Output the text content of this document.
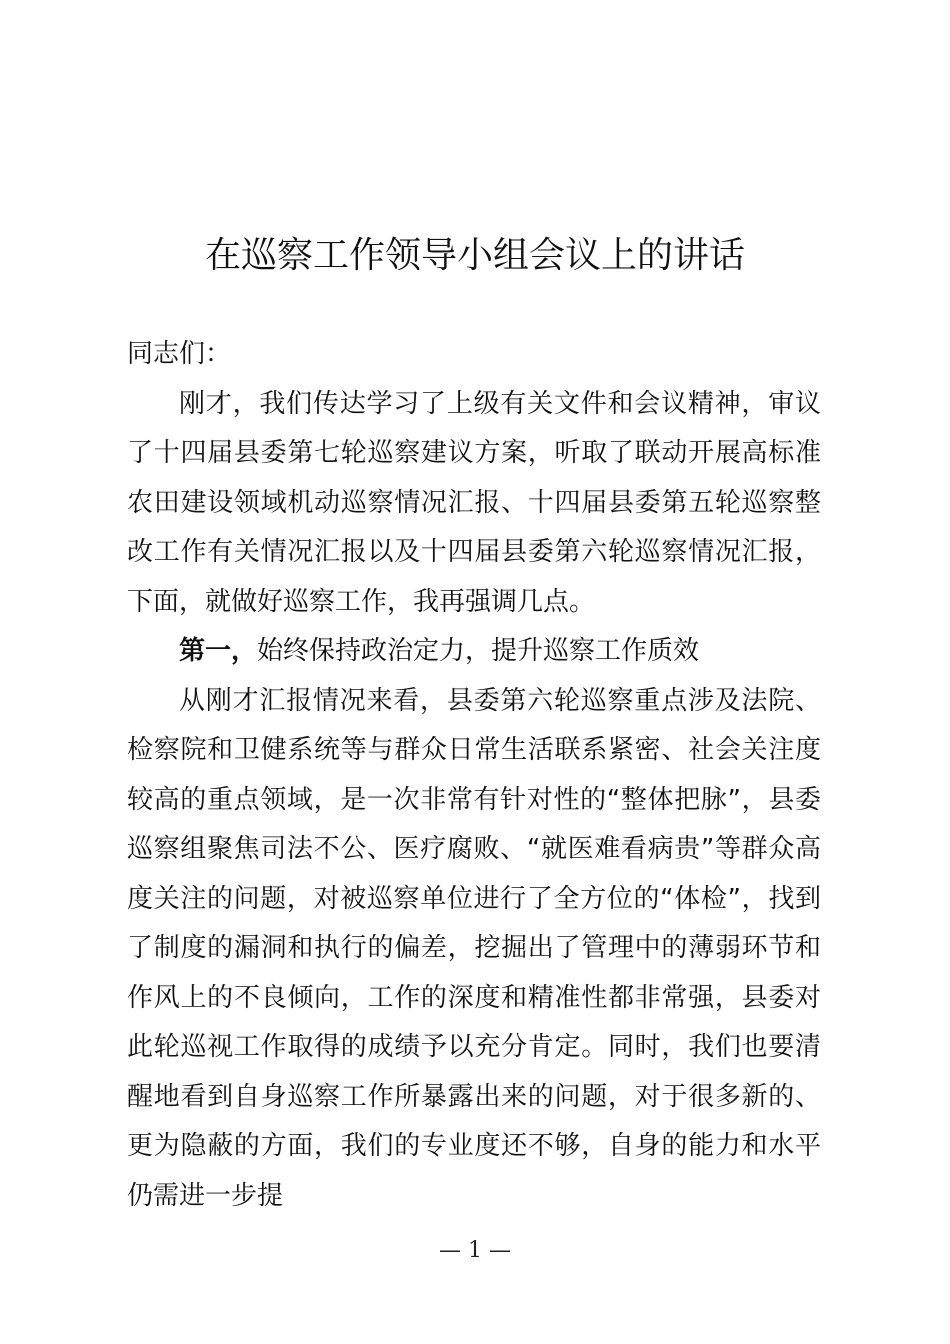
在巡察工作领导小组会议上的讲话

同志们：

刚才，我们传达学习了上级有关文件和会议精神，审议了十四届县委第七轮巡察建议方案，听取了联动开展高标准农田建设领域机动巡察情况汇报、十四届县委第五轮巡察整改工作有关情况汇报以及十四届县委第六轮巡察情况汇报，下面，就做好巡察工作，我再强调几点。

第一，始终保持政治定力，提升巡察工作质效

从刚才汇报情况来看，县委第六轮巡察重点涉及法院、检察院和卫健系统等与群众日常生活联系紧密、社会关注度较高的重点领域，是一次非常有针对性的“整体把脉”，县委巡察组聚焦司法不公、医疗腐败、“就医难看病贵”等群众高度关注的问题，对被巡察单位进行了全方位的“体检”，找到了制度的漏洞和执行的偏差，挖掘出了管理中的薄弱环节和作风上的不良倾向，工作的深度和精准性都非常强，县委对此轮巡视工作取得的成绩予以充分肯定。同时，我们也要清醒地看到自身巡察工作所暴露出来的问题，对于很多新的、更为隐蔽的方面，我们的专业度还不够，自身的能力和水平仍需进一步提

— 1 —
